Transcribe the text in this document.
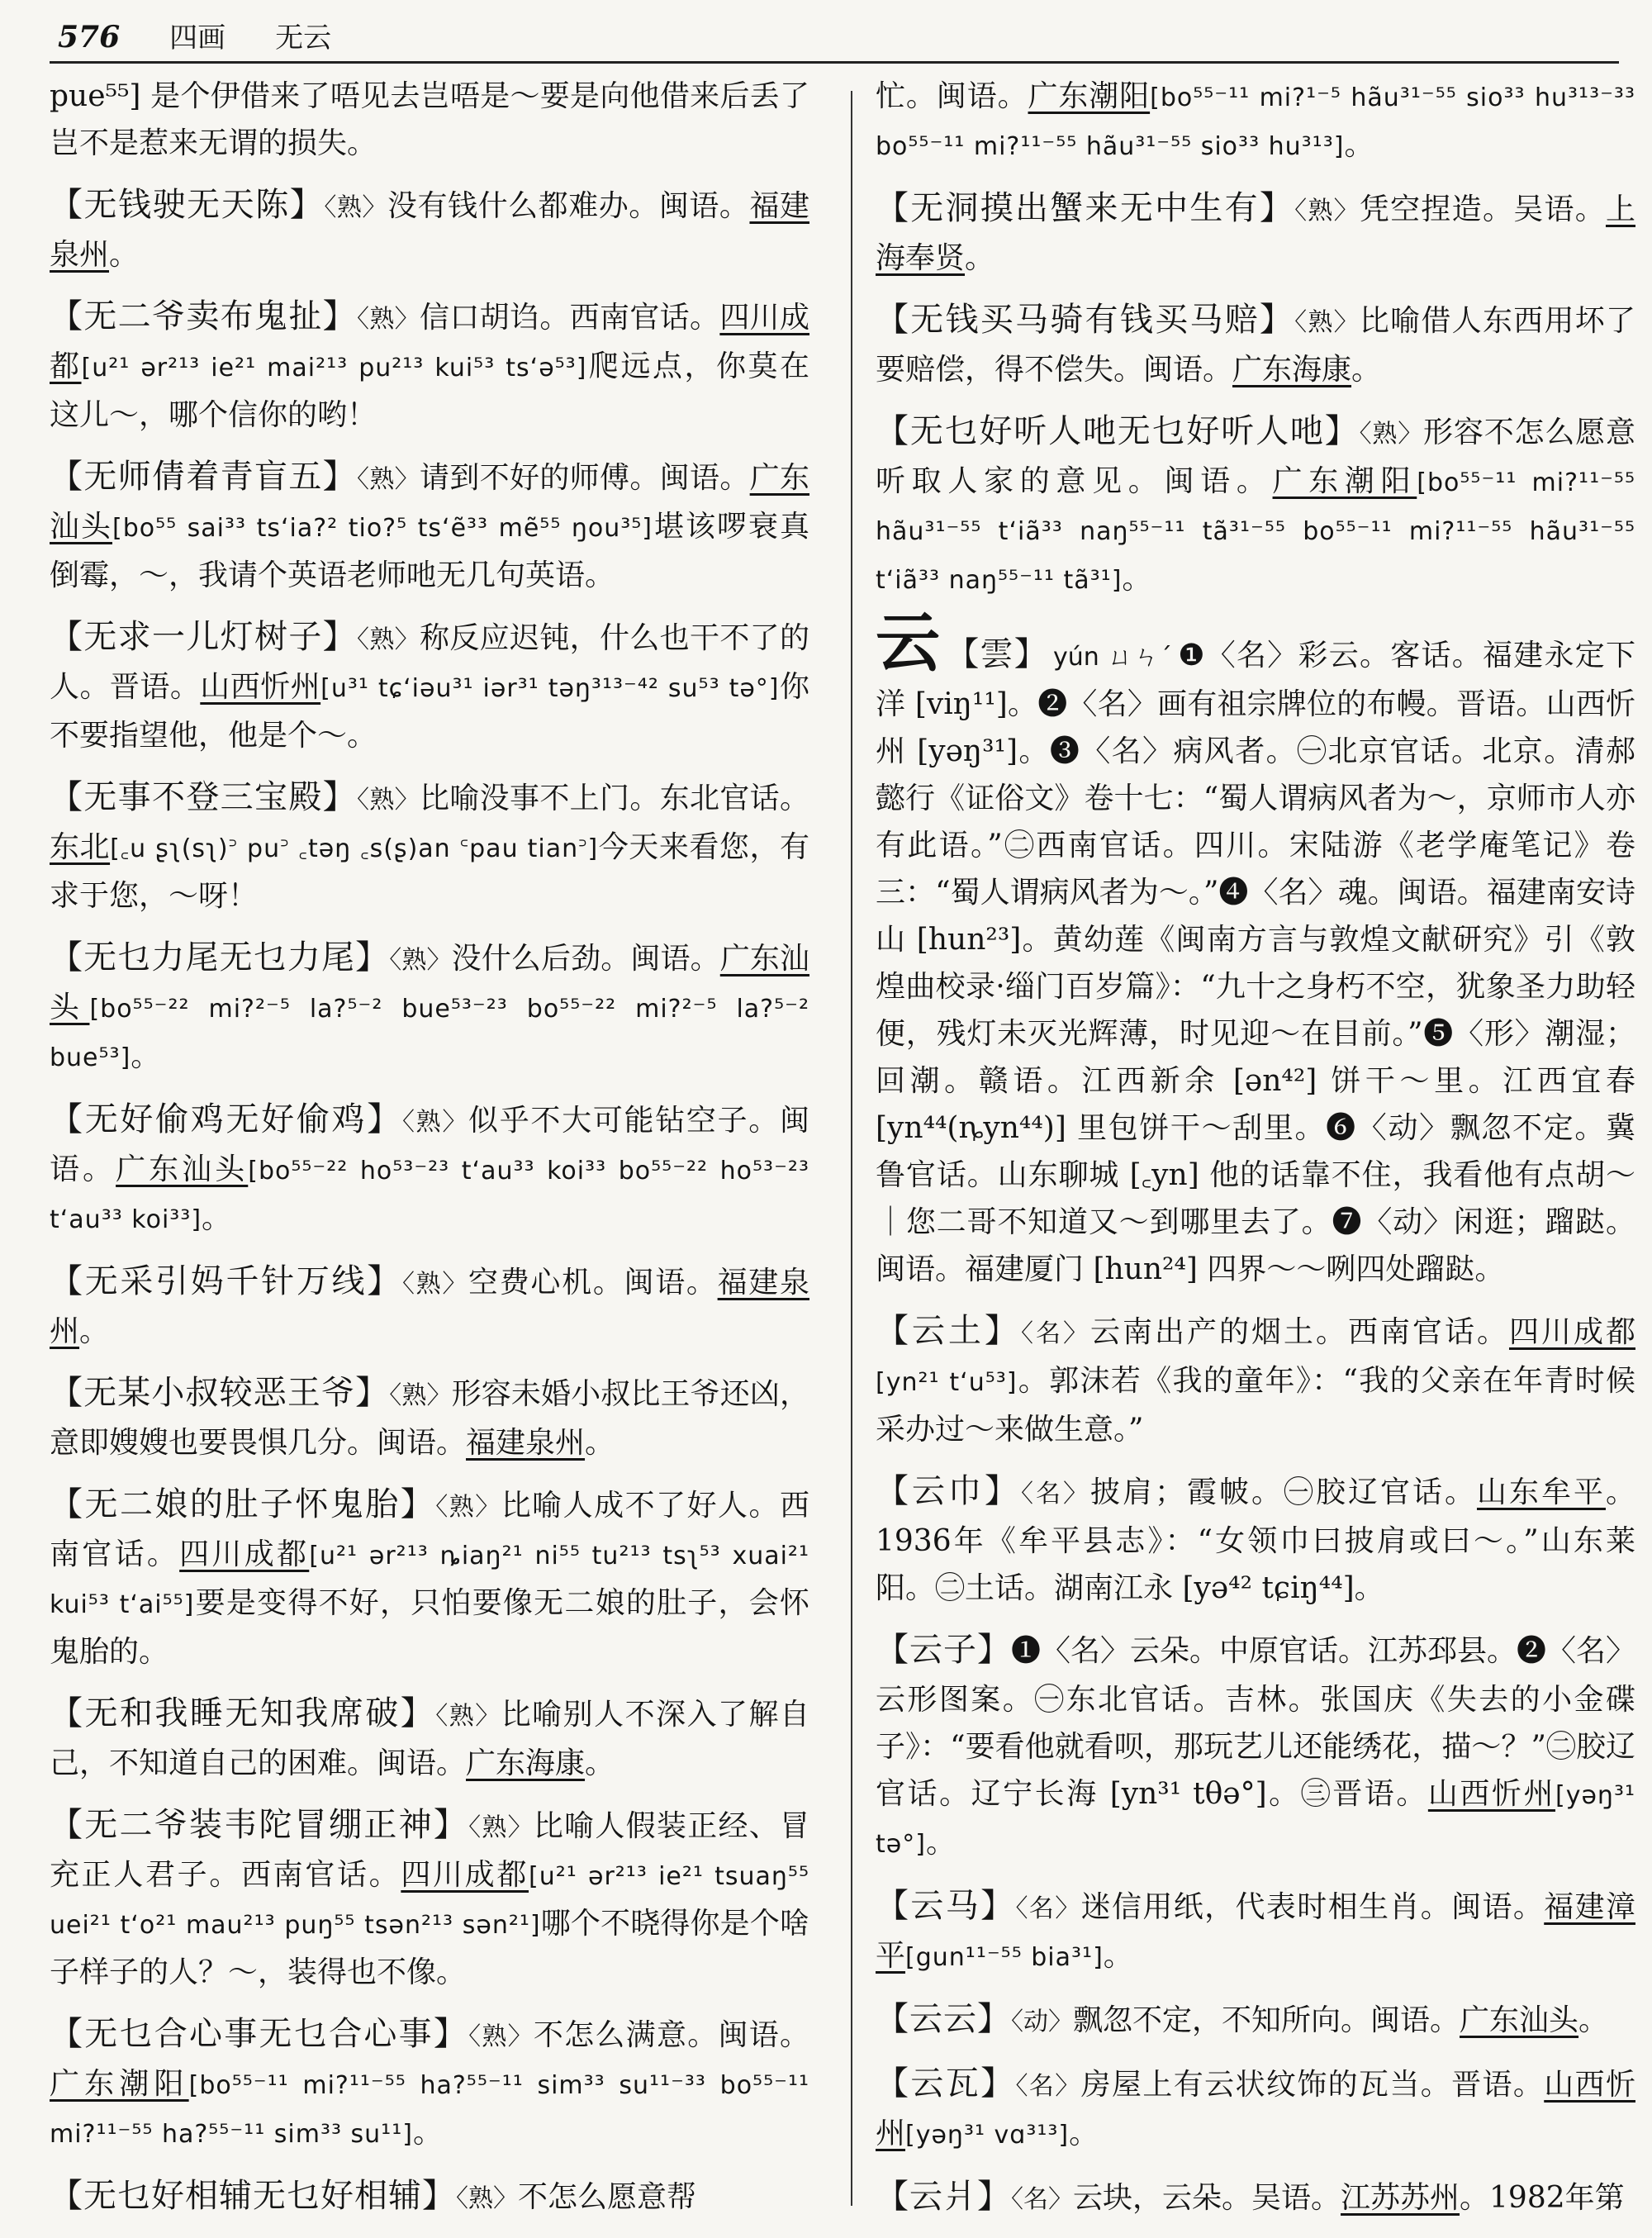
576 四画 无云
pue⁵⁵] 是个伊借来了唔见去岂唔是～要是向他借来后丢了岂不是惹来无谓的损失。
【无钱驶无天陈】〈熟〉没有钱什么都难办。闽语。福建泉州。
【无二爷卖布鬼扯】〈熟〉信口胡诌。西南官话。四川成都[u²¹ ər²¹³ ie²¹ mai²¹³ pu²¹³ kui⁵³ ts‘ə⁵³]爬远点，你莫在这儿～，哪个信你的哟！
【无师倩着青盲五】〈熟〉请到不好的师傅。闽语。广东汕头[bo⁵⁵ sai³³ ts‘ia?² tio?⁵ ts‘ẽ³³ mẽ⁵⁵ ŋou³⁵]堪该啰衰真倒霉，～，我请个英语老师吔无几句英语。
【无求一儿灯树子】〈熟〉称反应迟钝，什么也干不了的人。晋语。山西忻州[u³¹ tɕ‘iəu³¹ iər³¹ təŋ³¹³⁻⁴² su⁵³ tə°]你不要指望他，他是个～。
【无事不登三宝殿】〈熟〉比喻没事不上门。东北官话。东北[꜀u ʂʅ(sʅ)꜄ pu꜄ ꜀təŋ ꜀s(ʂ)an ꜂pau tian꜄]今天来看您，有求于您，～呀！
【无乜力尾无乜力尾】〈熟〉没什么后劲。闽语。广东汕头[bo⁵⁵⁻²² mi?²⁻⁵ la?⁵⁻² bue⁵³⁻²³ bo⁵⁵⁻²² mi?²⁻⁵ la?⁵⁻² bue⁵³]。
【无好偷鸡无好偷鸡】〈熟〉似乎不大可能钻空子。闽语。广东汕头[bo⁵⁵⁻²² ho⁵³⁻²³ t‘au³³ koi³³ bo⁵⁵⁻²² ho⁵³⁻²³ t‘au³³ koi³³]。
【无采引妈千针万线】〈熟〉空费心机。闽语。福建泉州。
【无某小叔较恶王爷】〈熟〉形容未婚小叔比王爷还凶，意即嫂嫂也要畏惧几分。闽语。福建泉州。
【无二娘的肚子怀鬼胎】〈熟〉比喻人成不了好人。西南官话。四川成都[u²¹ ər²¹³ ȵiaŋ²¹ ni⁵⁵ tu²¹³ tsʅ⁵³ xuai²¹ kui⁵³ t‘ai⁵⁵]要是变得不好，只怕要像无二娘的肚子，会怀鬼胎的。
【无和我睡无知我席破】〈熟〉比喻别人不深入了解自己，不知道自己的困难。闽语。广东海康。
【无二爷装韦陀冒绷正神】〈熟〉比喻人假装正经、冒充正人君子。西南官话。四川成都[u²¹ ər²¹³ ie²¹ tsuaŋ⁵⁵ uei²¹ t‘o²¹ mau²¹³ puŋ⁵⁵ tsən²¹³ sən²¹]哪个不晓得你是个啥子样子的人？～，装得也不像。
【无乜合心事无乜合心事】〈熟〉不怎么满意。闽语。广东潮阳[bo⁵⁵⁻¹¹ mi?¹¹⁻⁵⁵ ha?⁵⁵⁻¹¹ sim³³ su¹¹⁻³³ bo⁵⁵⁻¹¹ mi?¹¹⁻⁵⁵ ha?⁵⁵⁻¹¹ sim³³ su¹¹]。
【无乜好相辅无乜好相辅】〈熟〉不怎么愿意帮
忙。闽语。广东潮阳[bo⁵⁵⁻¹¹ mi?¹⁻⁵ hãu³¹⁻⁵⁵ sio³³ hu³¹³⁻³³ bo⁵⁵⁻¹¹ mi?¹¹⁻⁵⁵ hãu³¹⁻⁵⁵ sio³³ hu³¹³]。
【无洞摸出蟹来无中生有】〈熟〉凭空捏造。吴语。上海奉贤。
【无钱买马骑有钱买马赔】〈熟〉比喻借人东西用坏了要赔偿，得不偿失。闽语。广东海康。
【无乜好听人吔无乜好听人吔】〈熟〉形容不怎么愿意听取人家的意见。闽语。广东潮阳[bo⁵⁵⁻¹¹ mi?¹¹⁻⁵⁵ hãu³¹⁻⁵⁵ t‘iã³³ naŋ⁵⁵⁻¹¹ tã³¹⁻⁵⁵ bo⁵⁵⁻¹¹ mi?¹¹⁻⁵⁵ hãu³¹⁻⁵⁵ t‘iã³³ naŋ⁵⁵⁻¹¹ tã³¹]。
云 【雲】 yún ㄩㄣˊ ❶〈名〉彩云。客话。福建永定下洋 [viŋ¹¹]。❷〈名〉画有祖宗牌位的布幔。晋语。山西忻州 [yəŋ³¹]。❸〈名〉病风者。㊀北京官话。北京。清郝懿行《证俗文》卷十七：“蜀人谓病风者为～，京师市人亦有此语。”㊁西南官话。四川。宋陆游《老学庵笔记》卷三：“蜀人谓病风者为～。”❹〈名〉魂。闽语。福建南安诗山 [hun²³]。黄幼莲《闽南方言与敦煌文献研究》引《敦煌曲校录·缁门百岁篇》：“九十之身朽不空，犹象圣力助轻便，残灯未灭光辉薄，时见迎～在目前。”❺〈形〉潮湿；回潮。赣语。江西新余 [ən⁴²] 饼干～里。江西宜春 [yn⁴⁴(ȵyn⁴⁴)] 里包饼干～刮里。❻〈动〉飘忽不定。冀鲁官话。山东聊城 [꜀yn] 他的话靠不住，我看他有点胡～｜您二哥不知道又～到哪里去了。❼〈动〉闲逛；蹓跶。闽语。福建厦门 [hun²⁴] 四界～～咧四处蹓跶。
【云土】〈名〉云南出产的烟土。西南官话。四川成都[yn²¹ t‘u⁵³]。郭沫若《我的童年》：“我的父亲在年青时候采办过～来做生意。”
【云巾】〈名〉披肩；霞帔。㊀胶辽官话。山东牟平。1936年《牟平县志》：“女领巾曰披肩或曰～。”山东莱阳。㊁土话。湖南江永 [yə⁴² tɕiŋ⁴⁴]。
【云子】❶〈名〉云朵。中原官话。江苏邳县。❷〈名〉云形图案。㊀东北官话。吉林。张国庆《失去的小金碟子》：“要看他就看呗，那玩艺儿还能绣花，描～？”㊁胶辽官话。辽宁长海 [yn³¹ tθə°]。㊂晋语。山西忻州[yəŋ³¹ tə°]。
【云马】〈名〉迷信用纸，代表时相生肖。闽语。福建漳平[gun¹¹⁻⁵⁵ bia³¹]。
【云云】〈动〉飘忽不定，不知所向。闽语。广东汕头。
【云瓦】〈名〉房屋上有云状纹饰的瓦当。晋语。山西忻州[yəŋ³¹ vɑ³¹³]。
【云爿】〈名〉云块，云朵。吴语。江苏苏州。1982年第
